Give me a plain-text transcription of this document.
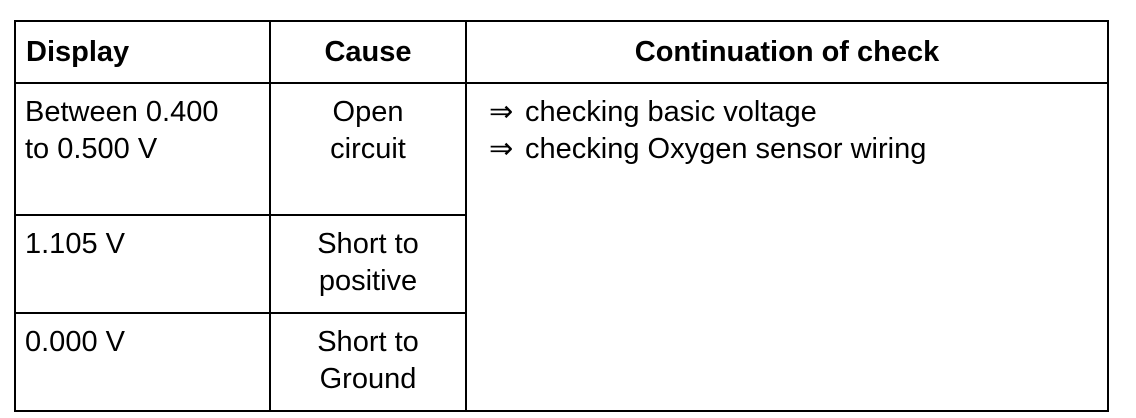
Display	Cause	Continuation of check

Between 0.400
to 0.500 V	Open
circuit	⇒ checking basic voltage
⇒ checking Oxygen sensor wiring

1.105 V	Short to
positive	

0.000 V	Short to
Ground	
